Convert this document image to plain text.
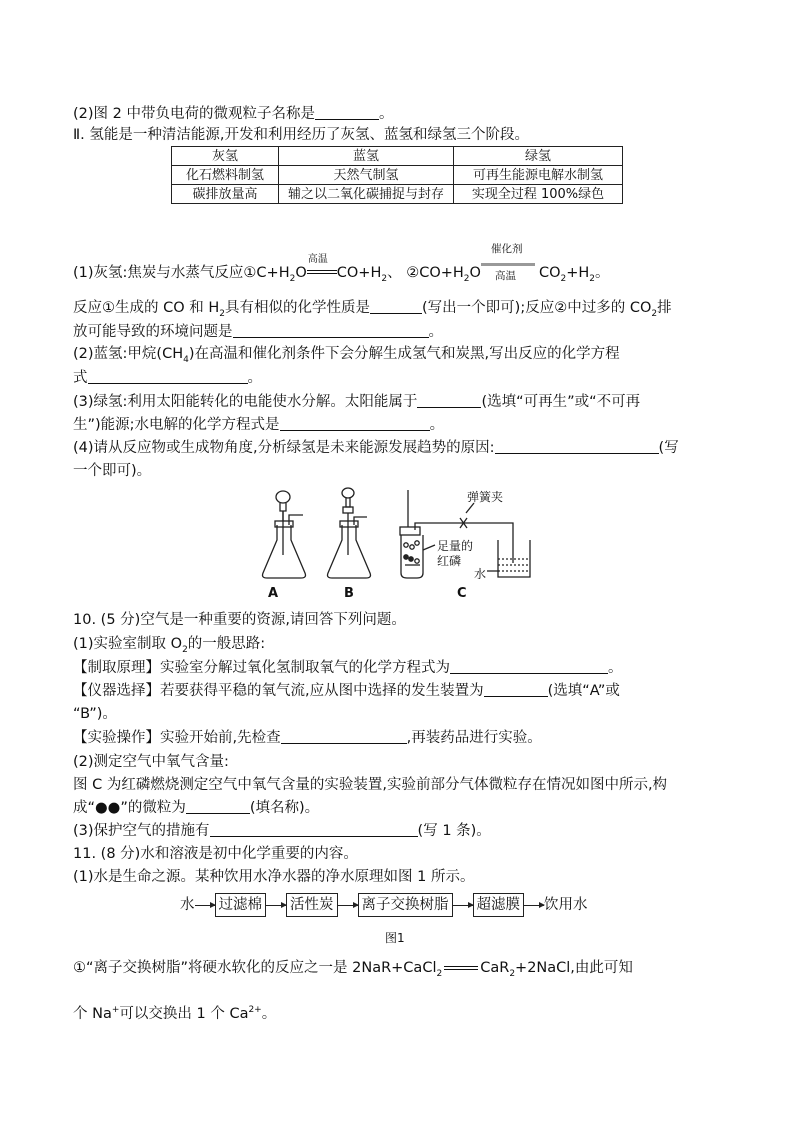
(2)图 2 中带负电荷的微观粒子名称是	。
Ⅱ. 氢能是一种清洁能源,开发和利用经历了灰氢、蓝氢和绿氢三个阶段。
灰氢	蓝氢	绿氢
化石燃料制氢	天然气制氢	可再生能源电解水制氢
碳排放量高	辅之以二氧化碳捕捉与封存	实现全过程 100%绿色
(1)灰氢:焦炭与水蒸气反应$①C+H_2O$
高温
$CO+H_2$、 $②CO+H_2O$
催化剂
高温 $CO_2+H_2$。
反应①生成的 CO 和 $H_2$具有相似的化学性质是	(写出一个即可);反应②中过多的 $CO_2$排
放可能导致的环境问题是	。
(2)蓝氢:甲烷$(CH_4)$在高温和催化剂条件下会分解生成氢气和炭黑,写出反应的化学方程
式	。
(3)绿氢:利用太阳能转化的电能使水分解。太阳能属于	(选填“可再生”或“不可再
生”)能源;水电解的化学方程式是	。
(4)请从反应物或生成物角度,分析绿氢是未来能源发展趋势的原因:	(写
一个即可)。
弹簧夹
足量的
红磷
水
A	B	C
10. (5 分)空气是一种重要的资源,请回答下列问题。
(1)实验室制取 $O_2$的一般思路:
【制取原理】实验室分解过氧化氢制取氧气的化学方程式为	。
【仪器选择】若要获得平稳的氧气流,应从图中选择的发生装置为	(选填“A”或
“B”)。
【实验操作】实验开始前,先检查	,再装药品进行实验。
(2)测定空气中氧气含量:
图 C 为红磷燃烧测定空气中氧气含量的实验装置,实验前部分气体微粒存在情况如图中所示,构
成“●●”的微粒为	(填名称)。
(3)保护空气的措施有	(写 1 条)。
11. (8 分)水和溶液是初中化学重要的内容。
(1)水是生命之源。某种饮用水净水器的净水原理如图 1 所示。
水 过滤棉 活性炭 离子交换树脂 超滤膜 饮用水
图1
①“离子交换树脂”将硬水软化的反应之一是 2NaR+CaCl$_2$	CaR$_2$+2NaCl,由此可知
个 Na+可以交换出 1 个 $Ca^{2+}$。
